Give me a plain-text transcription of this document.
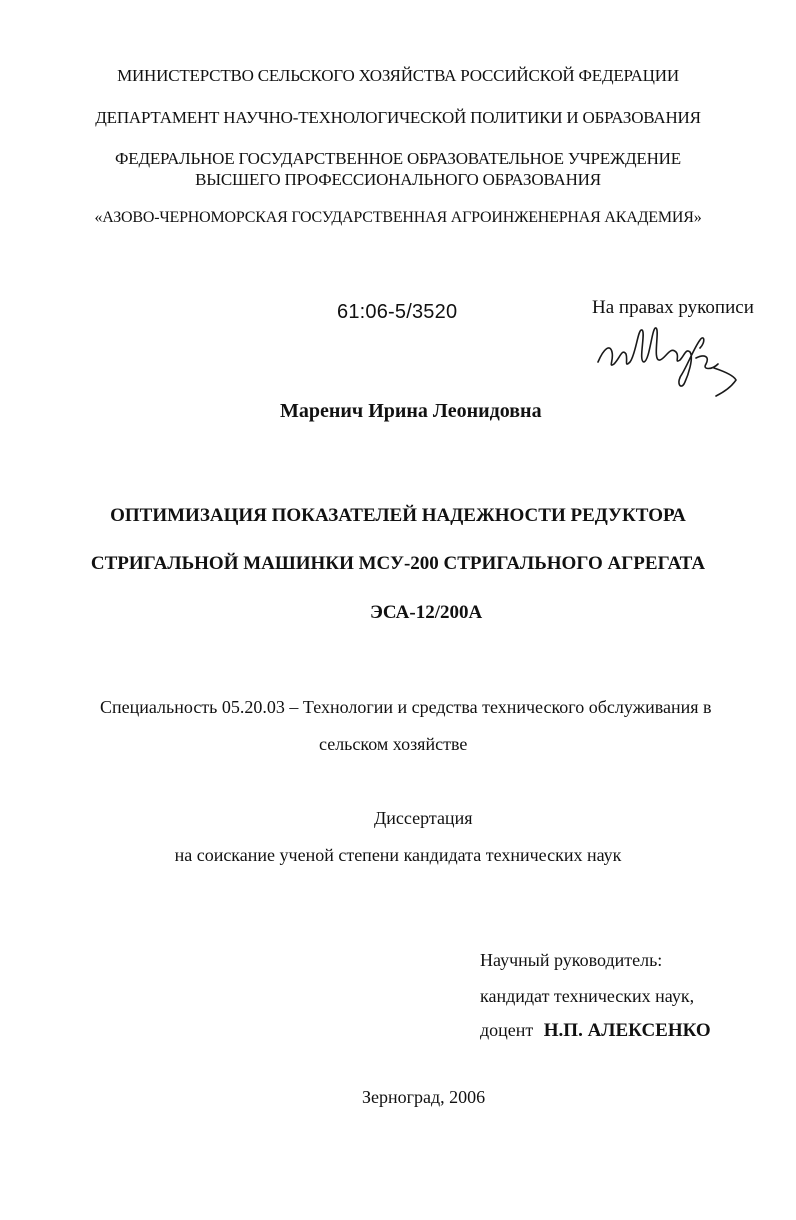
МИНИСТЕРСТВО СЕЛЬСКОГО ХОЗЯЙСТВА РОССИЙСКОЙ ФЕДЕРАЦИИ
ДЕПАРТАМЕНТ НАУЧНО-ТЕХНОЛОГИЧЕСКОЙ ПОЛИТИКИ И ОБРАЗОВАНИЯ
ФЕДЕРАЛЬНОЕ ГОСУДАРСТВЕННОЕ ОБРАЗОВАТЕЛЬНОЕ УЧРЕЖДЕНИЕ
ВЫСШЕГО ПРОФЕССИОНАЛЬНОГО ОБРАЗОВАНИЯ
«АЗОВО-ЧЕРНОМОРСКАЯ ГОСУДАРСТВЕННАЯ АГРОИНЖЕНЕРНАЯ АКАДЕМИЯ»
61:06-5/3520	На правах рукописи
Маренич Ирина Леонидовна
ОПТИМИЗАЦИЯ ПОКАЗАТЕЛЕЙ НАДЕЖНОСТИ РЕДУКТОРА
СТРИГАЛЬНОЙ МАШИНКИ МСУ-200 СТРИГАЛЬНОГО АГРЕГАТА
ЭСА-12/200А
Специальность 05.20.03 – Технологии и средства технического обслуживания в
сельском хозяйстве
Диссертация
на соискание ученой степени кандидата технических наук
Научный руководитель:
кандидат технических наук,
доцент Н.П. АЛЕКСЕНКО
Зерноград, 2006
